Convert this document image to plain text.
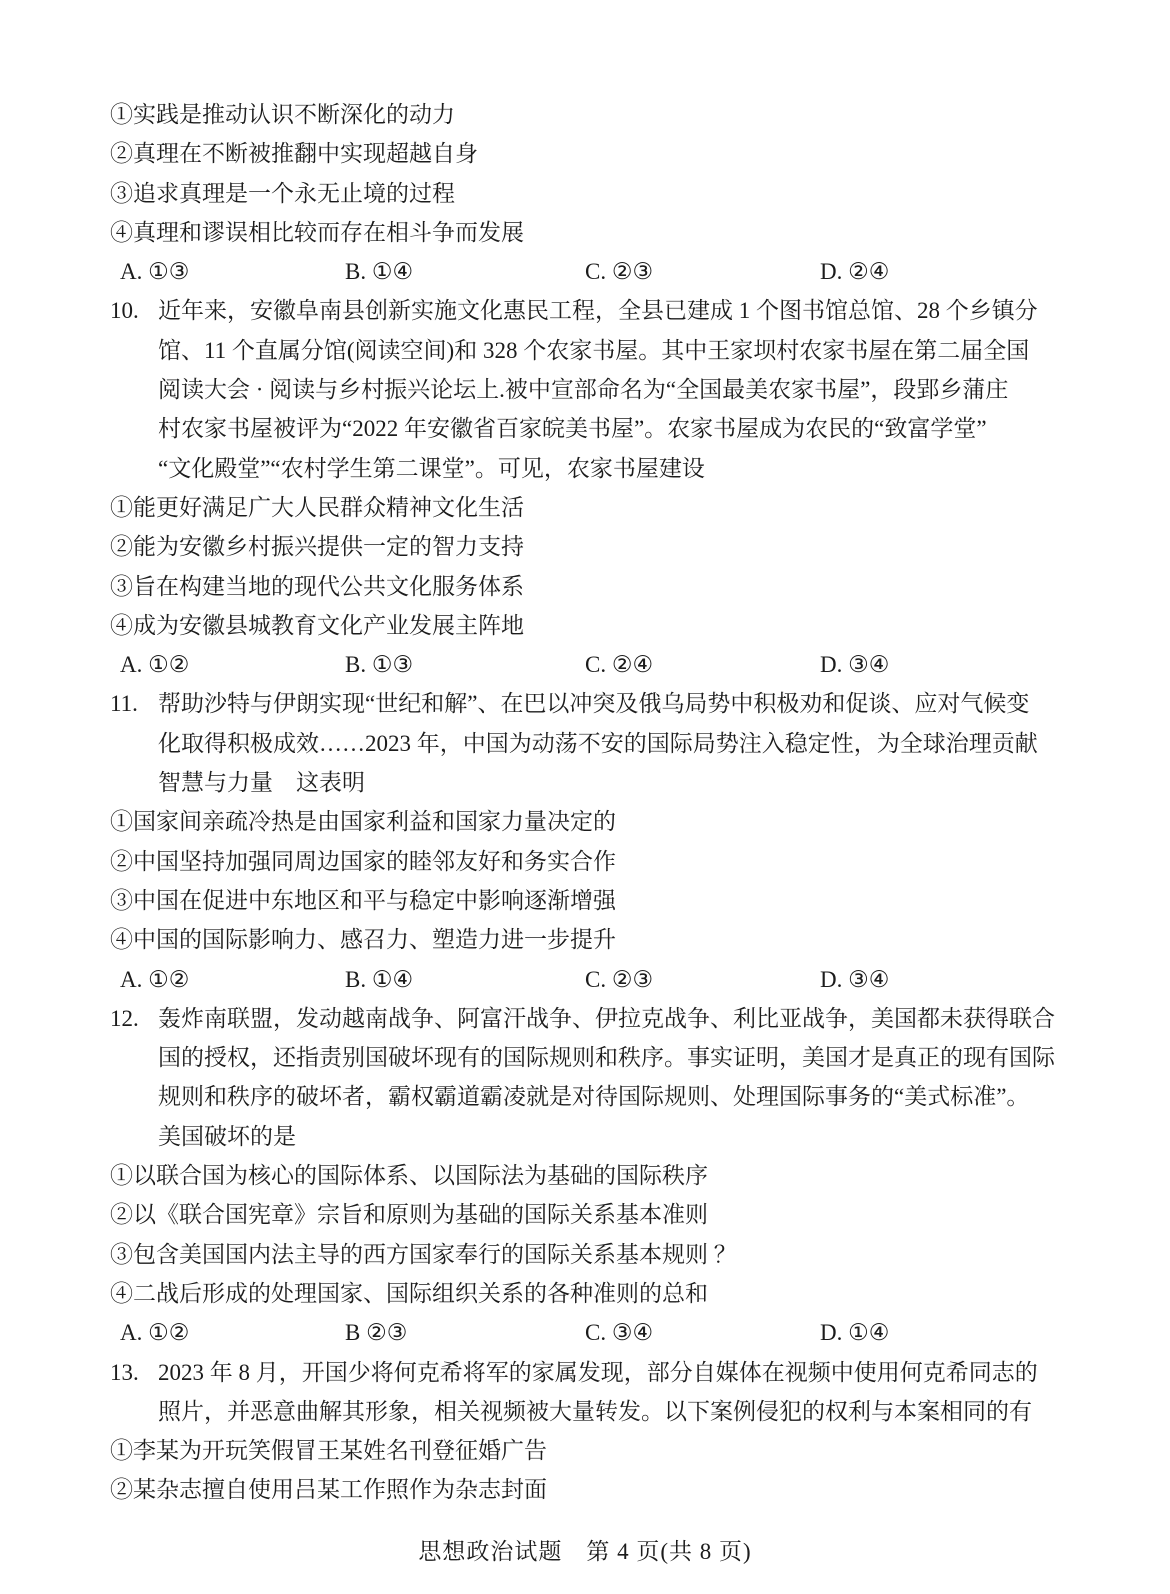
①实践是推动认识不断深化的动力
②真理在不断被推翻中实现超越自身
③追求真理是一个永无止境的过程
④真理和谬误相比较而存在相斗争而发展
A. ①③	B. ①④	C. ②③	D. ②④
10. 近年来，安徽阜南县创新实施文化惠民工程，全县已建成 1 个图书馆总馆、28 个乡镇分
馆、11 个直属分馆(阅读空间)和 328 个农家书屋。其中王家坝村农家书屋在第二届全国
阅读大会 · 阅读与乡村振兴论坛上.被中宣部命名为“全国最美农家书屋”，段郢乡蒲庄
村农家书屋被评为“2022 年安徽省百家皖美书屋”。农家书屋成为农民的“致富学堂”
“文化殿堂”“农村学生第二课堂”。可见，农家书屋建设
①能更好满足广大人民群众精神文化生活
②能为安徽乡村振兴提供一定的智力支持
③旨在构建当地的现代公共文化服务体系
④成为安徽县城教育文化产业发展主阵地
A. ①②	B. ①③	C. ②④	D. ③④
11. 帮助沙特与伊朗实现“世纪和解”、在巴以冲突及俄乌局势中积极劝和促谈、应对气候变
化取得积极成效……2023 年，中国为动荡不安的国际局势注入稳定性，为全球治理贡献
智慧与力量　这表明
①国家间亲疏冷热是由国家利益和国家力量决定的
②中国坚持加强同周边国家的睦邻友好和务实合作
③中国在促进中东地区和平与稳定中影响逐渐增强
④中国的国际影响力、感召力、塑造力进一步提升
A. ①②	B. ①④	C. ②③	D. ③④
12. 轰炸南联盟，发动越南战争、阿富汗战争、伊拉克战争、利比亚战争，美国都未获得联合
国的授权，还指责别国破坏现有的国际规则和秩序。事实证明，美国才是真正的现有国际
规则和秩序的破坏者，霸权霸道霸凌就是对待国际规则、处理国际事务的“美式标准”。
美国破坏的是
①以联合国为核心的国际体系、以国际法为基础的国际秩序
②以《联合国宪章》宗旨和原则为基础的国际关系基本准则
③包含美国国内法主导的西方国家奉行的国际关系基本规则 ？
④二战后形成的处理国家、国际组织关系的各种准则的总和
A. ①②	B ②③	C. ③④	D. ①④
13. 2023 年 8 月，开国少将何克希将军的家属发现，部分自媒体在视频中使用何克希同志的
照片，并恶意曲解其形象，相关视频被大量转发。以下案例侵犯的权利与本案相同的有
①李某为开玩笑假冒王某姓名刊登征婚广告
②某杂志擅自使用吕某工作照作为杂志封面
思想政治试题　第 4 页(共 8 页)
